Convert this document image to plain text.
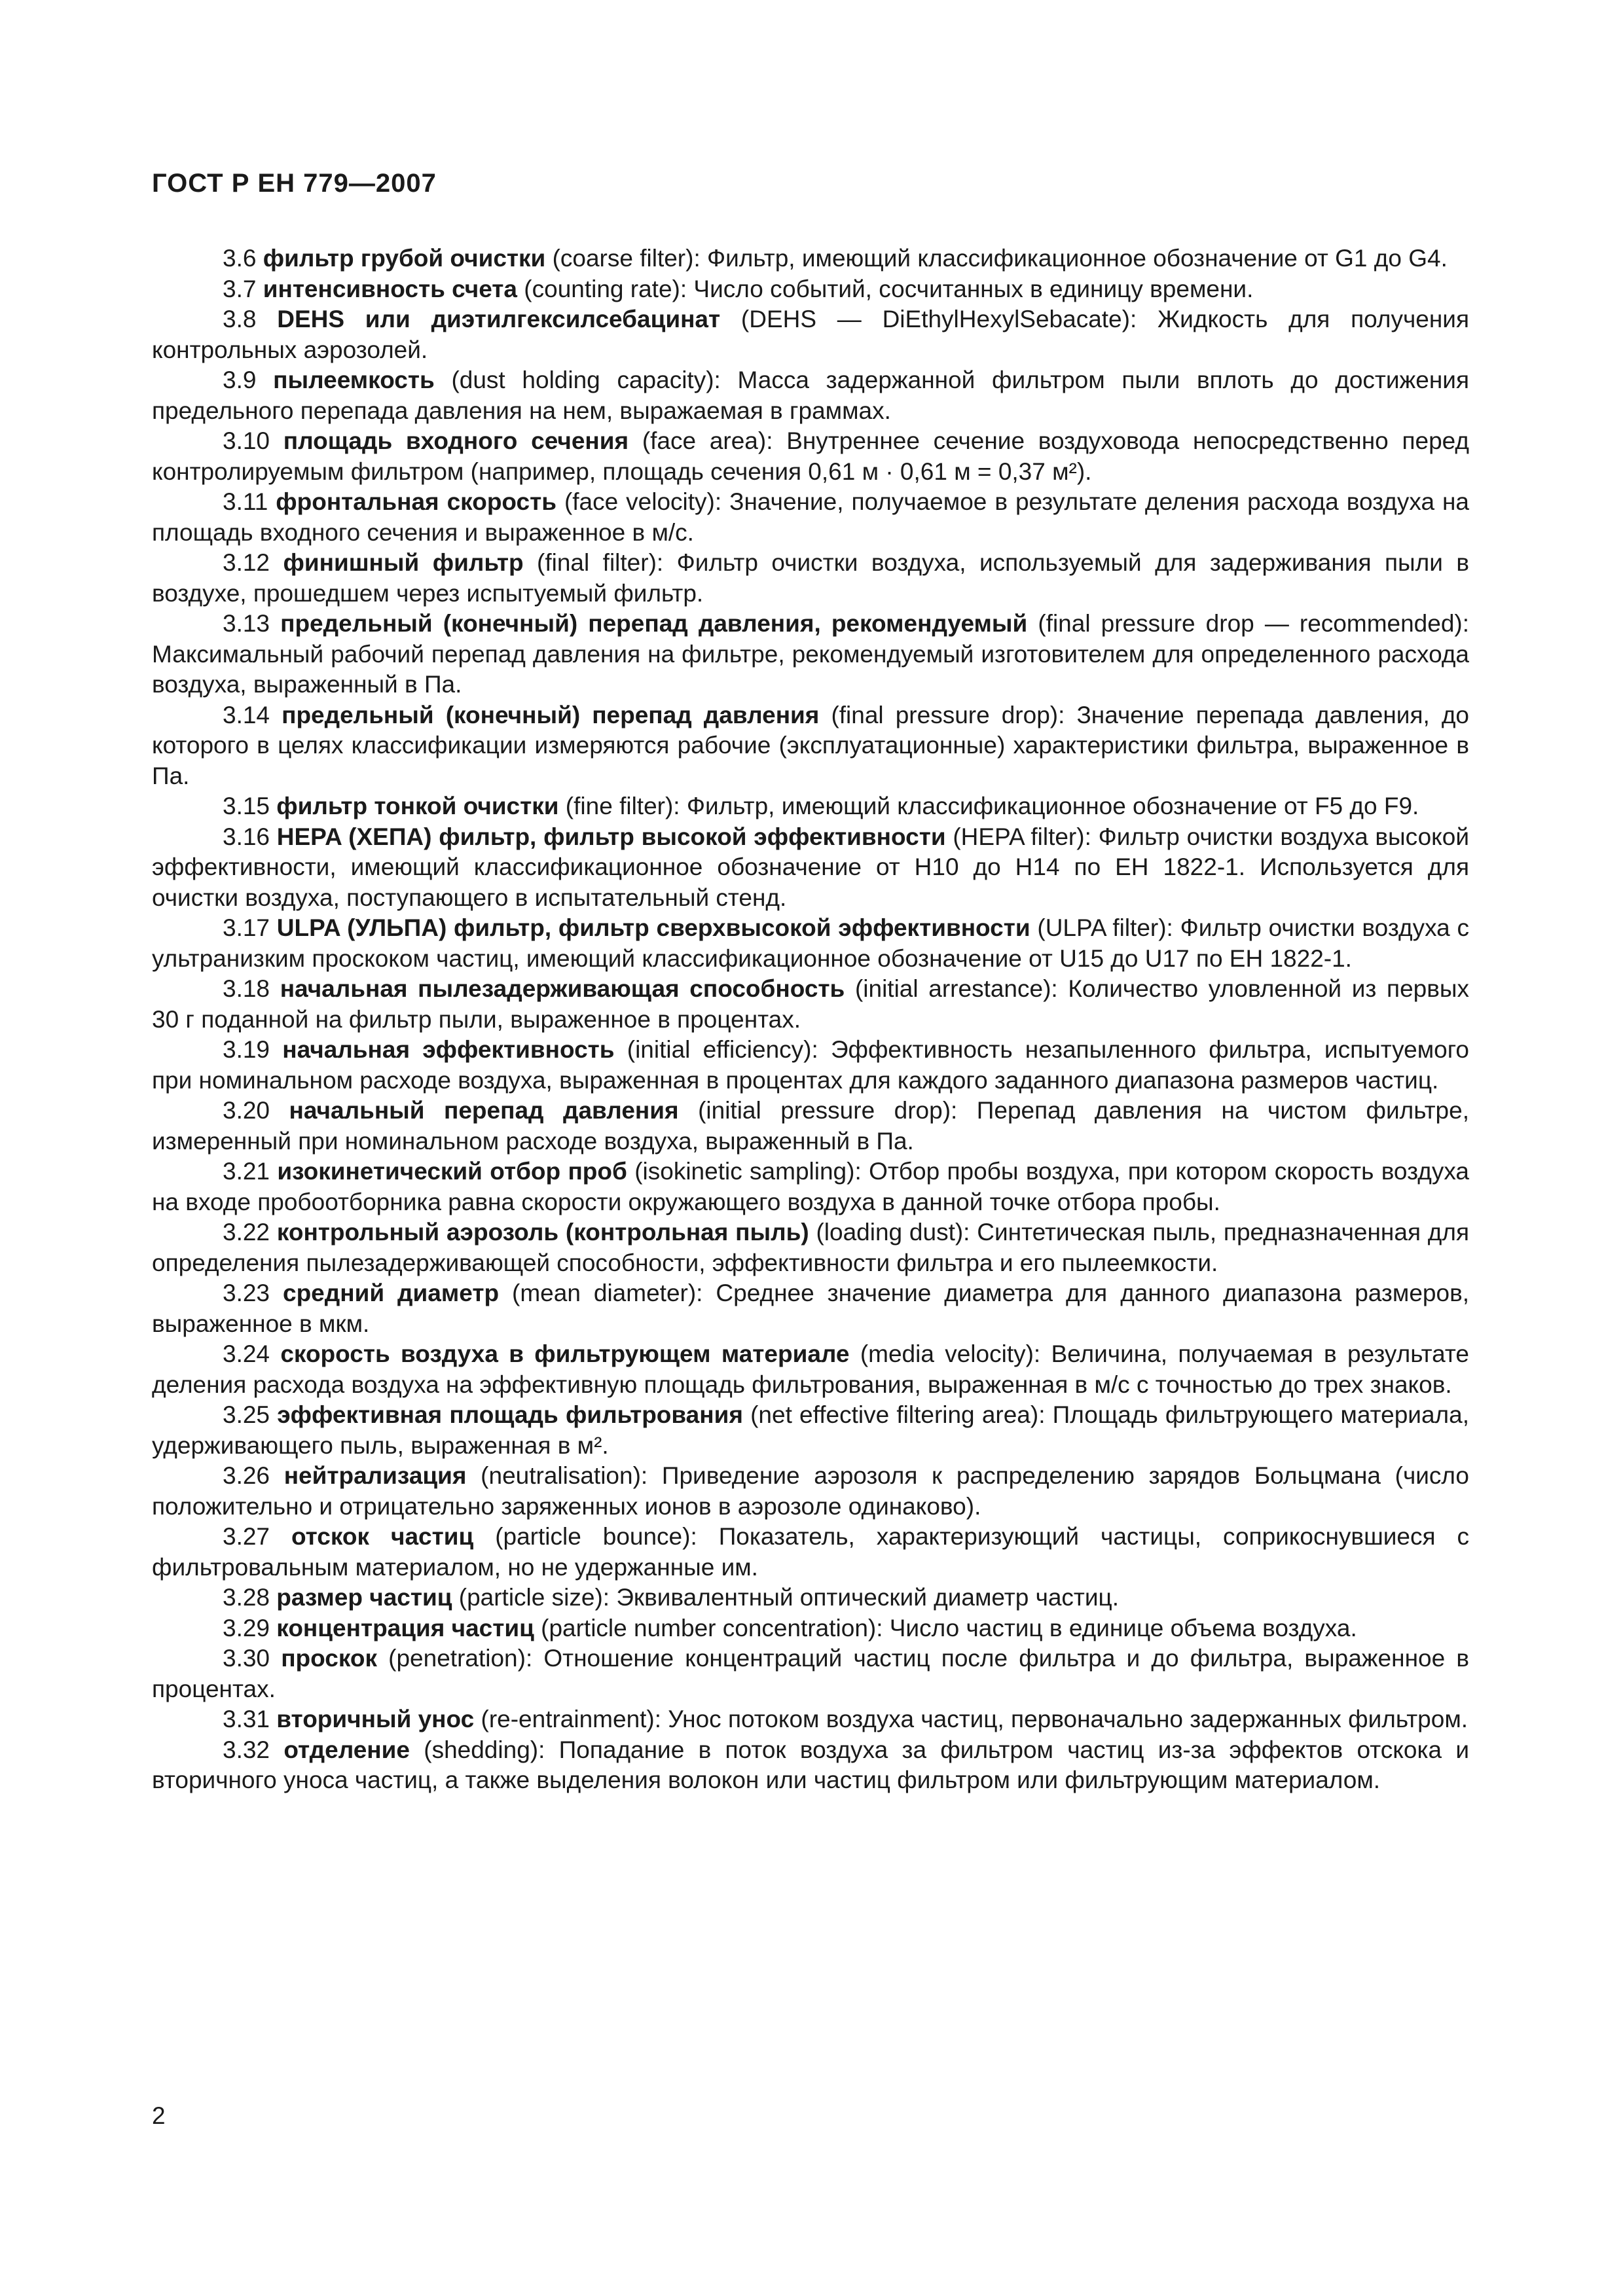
ГОСТ Р ЕН 779—2007

3.6 фильтр грубой очистки (coarse filter): Фильтр, имеющий классификационное обозначение от G1 до G4.

3.7 интенсивность счета (counting rate): Число событий, сосчитанных в единицу времени.

3.8 DEHS или диэтилгексилсебацинат (DEHS — DiEthylHexylSebacate): Жидкость для получения контрольных аэрозолей.

3.9 пылеемкость (dust holding capacity): Масса задержанной фильтром пыли вплоть до достижения предельного перепада давления на нем, выражаемая в граммах.

3.10 площадь входного сечения (face area): Внутреннее сечение воздуховода непосредственно перед контролируемым фильтром (например, площадь сечения 0,61 м · 0,61 м = 0,37 м²).

3.11 фронтальная скорость (face velocity): Значение, получаемое в результате деления расхода воздуха на площадь входного сечения и выраженное в м/с.

3.12 финишный фильтр (final filter): Фильтр очистки воздуха, используемый для задерживания пыли в воздухе, прошедшем через испытуемый фильтр.

3.13 предельный (конечный) перепад давления, рекомендуемый (final pressure drop — recommended): Максимальный рабочий перепад давления на фильтре, рекомендуемый изготовителем для определенного расхода воздуха, выраженный в Па.

3.14 предельный (конечный) перепад давления (final pressure drop): Значение перепада давления, до которого в целях классификации измеряются рабочие (эксплуатационные) характеристики фильтра, выраженное в Па.

3.15 фильтр тонкой очистки (fine filter): Фильтр, имеющий классификационное обозначение от F5 до F9.

3.16 HEPA (ХЕПА) фильтр, фильтр высокой эффективности (HEPA filter): Фильтр очистки воздуха высокой эффективности, имеющий классификационное обозначение от H10 до H14 по ЕН 1822-1. Используется для очистки воздуха, поступающего в испытательный стенд.

3.17 ULPA (УЛЬПА) фильтр, фильтр сверхвысокой эффективности (ULPA filter): Фильтр очистки воздуха с ультранизким проскоком частиц, имеющий классификационное обозначение от U15 до U17 по ЕН 1822-1.

3.18 начальная пылезадерживающая способность (initial arrestance): Количество уловленной из первых 30 г поданной на фильтр пыли, выраженное в процентах.

3.19 начальная эффективность (initial efficiency): Эффективность незапыленного фильтра, испытуемого при номинальном расходе воздуха, выраженная в процентах для каждого заданного диапазона размеров частиц.

3.20 начальный перепад давления (initial pressure drop): Перепад давления на чистом фильтре, измеренный при номинальном расходе воздуха, выраженный в Па.

3.21 изокинетический отбор проб (isokinetic sampling): Отбор пробы воздуха, при котором скорость воздуха на входе пробоотборника равна скорости окружающего воздуха в данной точке отбора пробы.

3.22 контрольный аэрозоль (контрольная пыль) (loading dust): Синтетическая пыль, предназначенная для определения пылезадерживающей способности, эффективности фильтра и его пылеемкости.

3.23 средний диаметр (mean diameter): Среднее значение диаметра для данного диапазона размеров, выраженное в мкм.

3.24 скорость воздуха в фильтрующем материале (media velocity): Величина, получаемая в результате деления расхода воздуха на эффективную площадь фильтрования, выраженная в м/с с точностью до трех знаков.

3.25 эффективная площадь фильтрования (net effective filtering area): Площадь фильтрующего материала, удерживающего пыль, выраженная в м².

3.26 нейтрализация (neutralisation): Приведение аэрозоля к распределению зарядов Больцмана (число положительно и отрицательно заряженных ионов в аэрозоле одинаково).

3.27 отскок частиц (particle bounce): Показатель, характеризующий частицы, соприкоснувшиеся с фильтровальным материалом, но не удержанные им.

3.28 размер частиц (particle size): Эквивалентный оптический диаметр частиц.

3.29 концентрация частиц (particle number concentration): Число частиц в единице объема воздуха.

3.30 проскок (penetration): Отношение концентраций частиц после фильтра и до фильтра, выраженное в процентах.

3.31 вторичный унос (re-entrainment): Унос потоком воздуха частиц, первоначально задержанных фильтром.

3.32 отделение (shedding): Попадание в поток воздуха за фильтром частиц из-за эффектов отскока и вторичного уноса частиц, а также выделения волокон или частиц фильтром или фильтрующим материалом.

2
